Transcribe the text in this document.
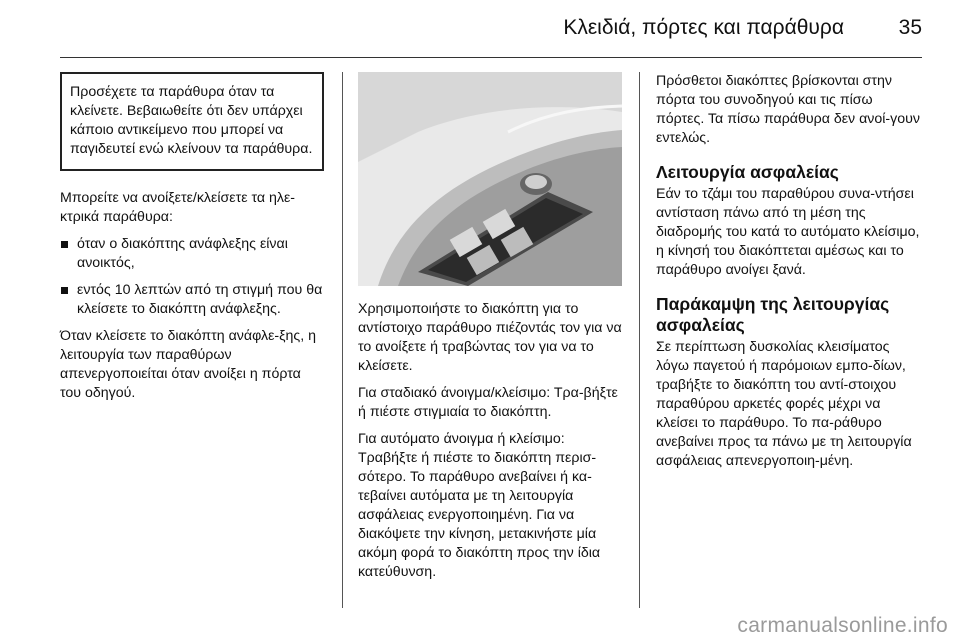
Κλειδιά, πόρτες και παράθυρα	35

Προσέχετε τα παράθυρα όταν τα κλείνετε. Βεβαιωθείτε ότι δεν υπάρχει κάποιο αντικείμενο που μπορεί να παγιδευτεί ενώ κλείνουν τα παράθυρα.

Μπορείτε να ανοίξετε/κλείσετε τα ηλε-κτρικά παράθυρα:

όταν ο διακόπτης ανάφλεξης είναι ανοικτός,
εντός 10 λεπτών από τη στιγμή που θα κλείσετε το διακόπτη ανάφλεξης.

Όταν κλείσετε το διακόπτη ανάφλε-ξης, η λειτουργία των παραθύρων απενεργοποιείται όταν ανοίξει η πόρτα του οδηγού.

Χρησιμοποιήστε το διακόπτη για το αντίστοιχο παράθυρο πιέζοντάς τον για να το ανοίξετε ή τραβώντας τον για να το κλείσετε.

Για σταδιακό άνοιγμα/κλείσιμο: Τρα-βήξτε ή πιέστε στιγμιαία το διακόπτη.

Για αυτόματο άνοιγμα ή κλείσιμο: Τραβήξτε ή πιέστε το διακόπτη περισ-σότερο. Το παράθυρο ανεβαίνει ή κα-τεβαίνει αυτόματα με τη λειτουργία ασφάλειας ενεργοποιημένη. Για να διακόψετε την κίνηση, μετακινήστε μία ακόμη φορά το διακόπτη προς την ίδια κατεύθυνση.

Πρόσθετοι διακόπτες βρίσκονται στην πόρτα του συνοδηγού και τις πίσω πόρτες. Τα πίσω παράθυρα δεν ανοί-γουν εντελώς.

Λειτουργία ασφαλείας

Εάν το τζάμι του παραθύρου συνα-ντήσει αντίσταση πάνω από τη μέση της διαδρομής του κατά το αυτόματο κλείσιμο, η κίνησή του διακόπτεται αμέσως και το παράθυρο ανοίγει ξανά.

Παράκαμψη της λειτουργίας ασφαλείας

Σε περίπτωση δυσκολίας κλεισίματος λόγω παγετού ή παρόμοιων εμπο-δίων, τραβήξτε το διακόπτη του αντί-στοιχου παραθύρου αρκετές φορές μέχρι να κλείσει το παράθυρο. Το πα-ράθυρο ανεβαίνει προς τα πάνω με τη λειτουργία ασφάλειας απενεργοποιη-μένη.

carmanualsonline.info
